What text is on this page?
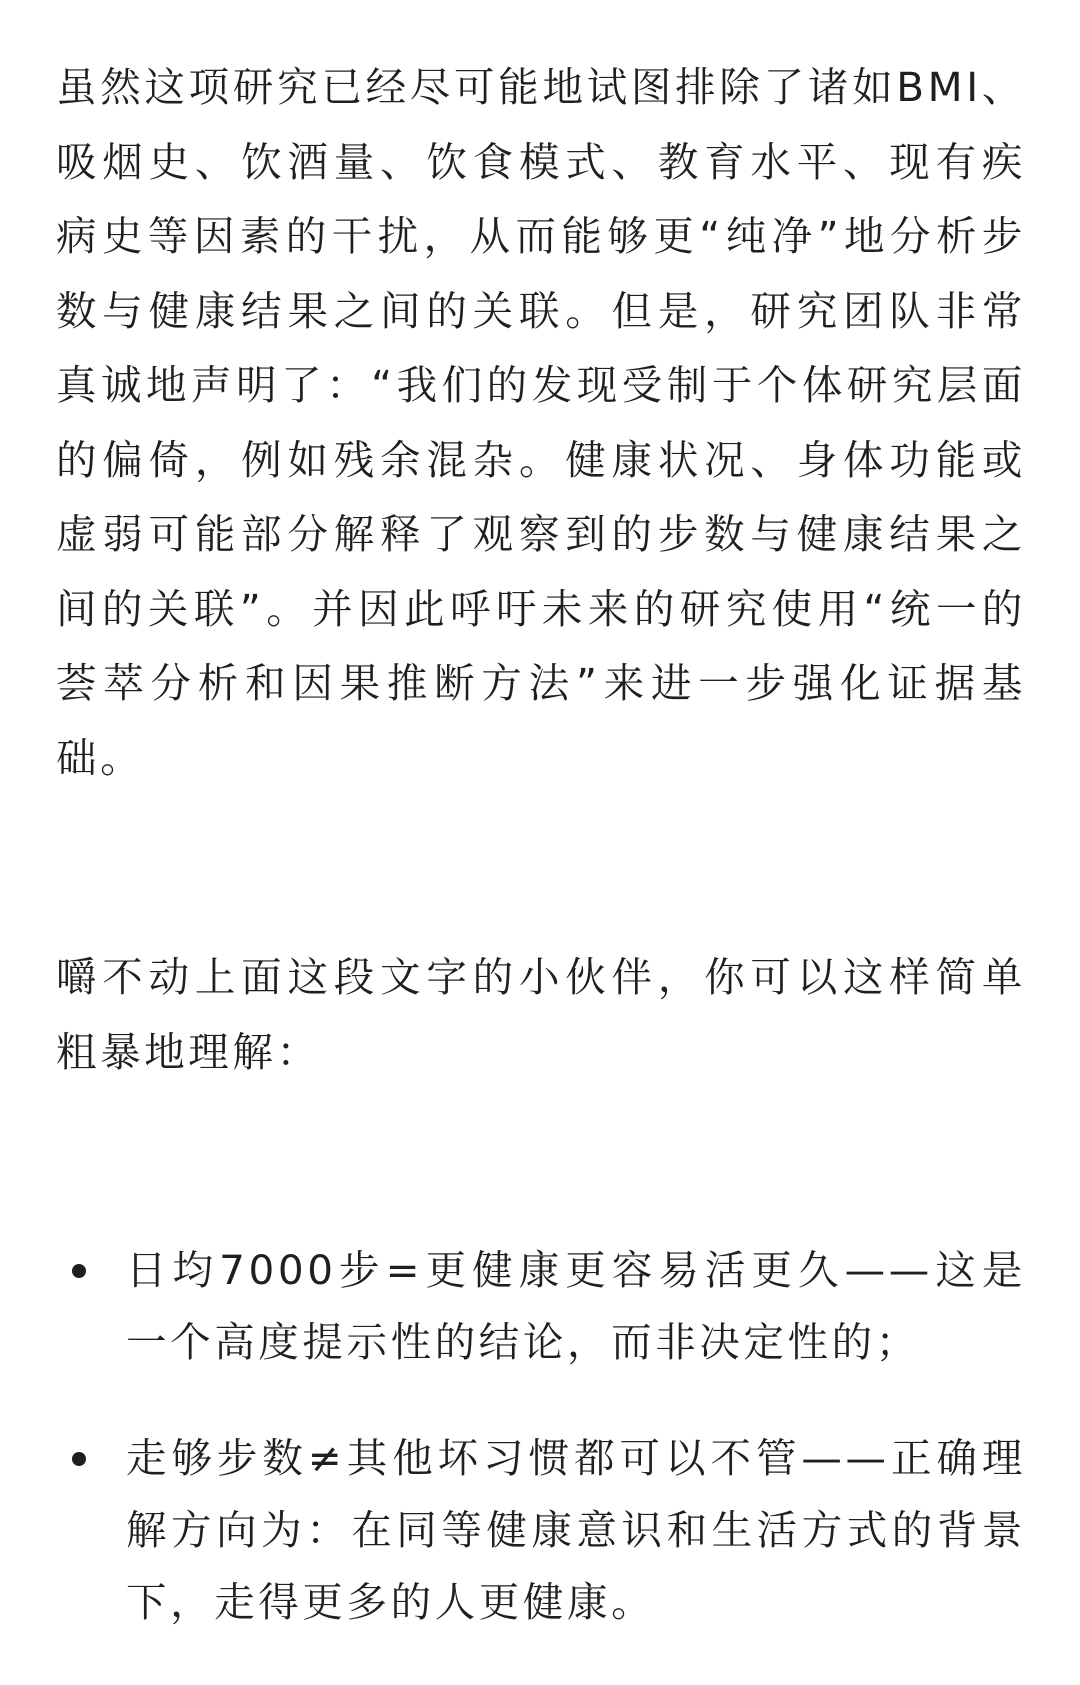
虽然这项研究已经尽可能地试图排除了诸如BMI、吸烟史、饮酒量、饮食模式、教育水平、现有疾病史等因素的干扰，从而能够更“纯净”地分析步数与健康结果之间的关联。但是，研究团队非常真诚地声明了：“我们的发现受制于个体研究层面的偏倚，例如残余混杂。健康状况、身体功能或虚弱可能部分解释了观察到的步数与健康结果之间的关联”。并因此呼吁未来的研究使用“统一的荟萃分析和因果推断方法”来进一步强化证据基础。

嚼不动上面这段文字的小伙伴，你可以这样简单粗暴地理解：

日均7000步=更健康更容易活更久——这是一个高度提示性的结论，而非决定性的；
走够步数≠其他坏习惯都可以不管——正确理解方向为：在同等健康意识和生活方式的背景下，走得更多的人更健康。
